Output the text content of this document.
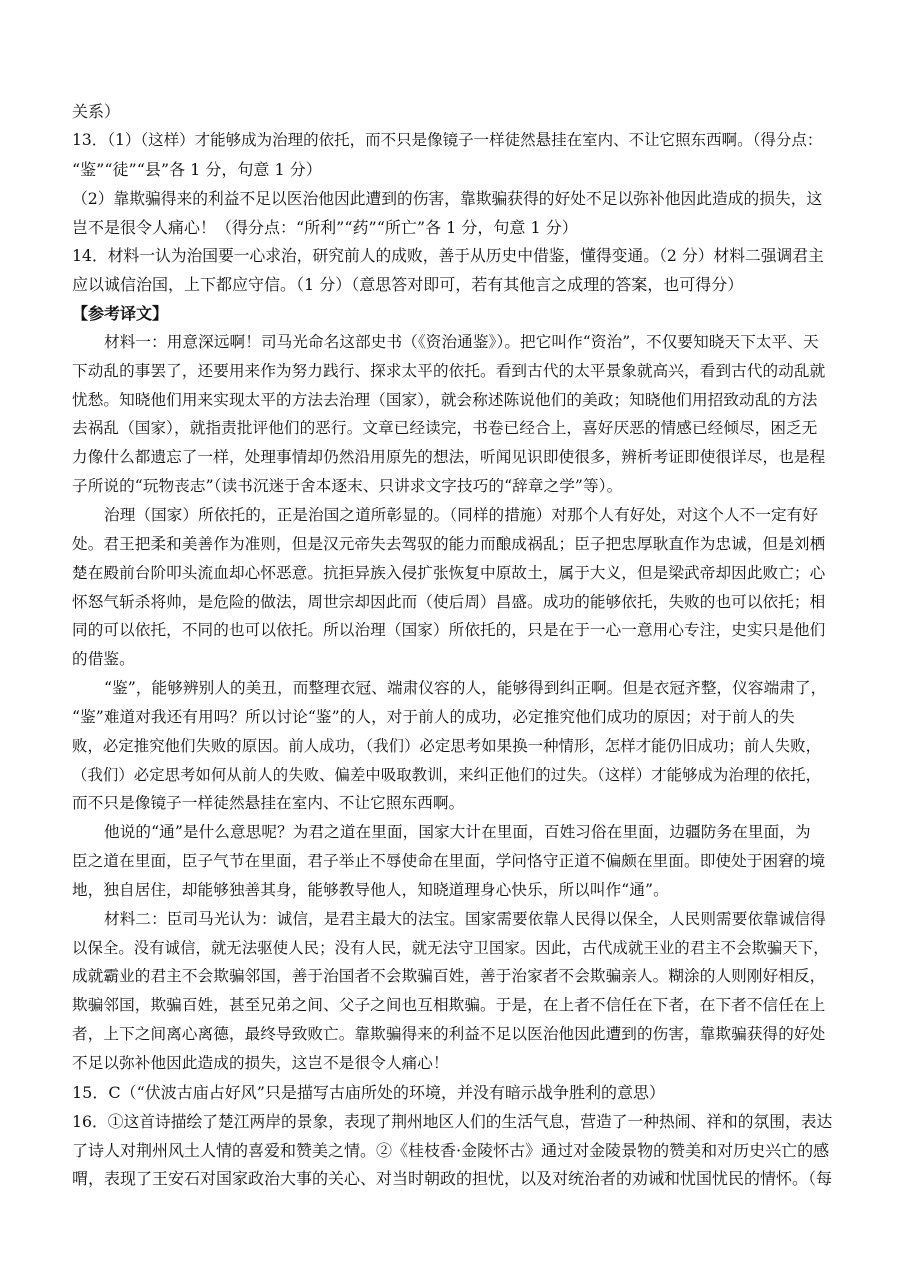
关系）

13．（1）（这样）才能够成为治理的依托，而不只是像镜子一样徒然悬挂在室内、不让它照东西啊。（得分点：

“鉴”“徒”“县”各 1 分，句意 1 分）

（2）靠欺骗得来的利益不足以医治他因此遭到的伤害，靠欺骗获得的好处不足以弥补他因此造成的损失，这

岂不是很令人痛心！（得分点：“所利”“药”“所亡”各 1 分，句意 1 分）

14．材料一认为治国要一心求治，研究前人的成败，善于从历史中借鉴，懂得变通。（2 分）材料二强调君主

应以诚信治国，上下都应守信。（1 分）（意思答对即可，若有其他言之成理的答案，也可得分）

【参考译文】

材料一：用意深远啊！司马光命名这部史书（《资治通鉴》）。把它叫作“资治”，不仅要知晓天下太平、天

下动乱的事罢了，还要用来作为努力践行、探求太平的依托。看到古代的太平景象就高兴，看到古代的动乱就

忧愁。知晓他们用来实现太平的方法去治理（国家），就会称述陈说他们的美政；知晓他们用招致动乱的方法

去祸乱（国家），就指责批评他们的恶行。文章已经读完，书卷已经合上，喜好厌恶的情感已经倾尽，困乏无

力像什么都遗忘了一样，处理事情却仍然沿用原先的想法，听闻见识即使很多，辨析考证即使很详尽，也是程

子所说的“玩物丧志”（读书沉迷于舍本逐末、只讲求文字技巧的“辞章之学”等）。

治理（国家）所依托的，正是治国之道所彰显的。（同样的措施）对那个人有好处，对这个人不一定有好

处。君王把柔和美善作为准则，但是汉元帝失去驾驭的能力而酿成祸乱；臣子把忠厚耿直作为忠诚，但是刘栖

楚在殿前台阶叩头流血却心怀恶意。抗拒异族入侵扩张恢复中原故土，属于大义，但是梁武帝却因此败亡；心

怀怒气斩杀将帅，是危险的做法，周世宗却因此而（使后周）昌盛。成功的能够依托，失败的也可以依托；相

同的可以依托，不同的也可以依托。所以治理（国家）所依托的，只是在于一心一意用心专注，史实只是他们

的借鉴。

“鉴”，能够辨别人的美丑，而整理衣冠、端肃仪容的人，能够得到纠正啊。但是衣冠齐整，仪容端肃了，

“鉴”难道对我还有用吗？所以讨论“鉴”的人，对于前人的成功，必定推究他们成功的原因；对于前人的失

败，必定推究他们失败的原因。前人成功，（我们）必定思考如果换一种情形，怎样才能仍旧成功；前人失败，

（我们）必定思考如何从前人的失败、偏差中吸取教训，来纠正他们的过失。（这样）才能够成为治理的依托，

而不只是像镜子一样徒然悬挂在室内、不让它照东西啊。

他说的“通”是什么意思呢？为君之道在里面，国家大计在里面，百姓习俗在里面，边疆防务在里面，为

臣之道在里面，臣子气节在里面，君子举止不辱使命在里面，学问恪守正道不偏颇在里面。即使处于困窘的境

地，独自居住，却能够独善其身，能够教导他人，知晓道理身心快乐，所以叫作“通”。

材料二：臣司马光认为：诚信，是君主最大的法宝。国家需要依靠人民得以保全，人民则需要依靠诚信得

以保全。没有诚信，就无法驱使人民；没有人民，就无法守卫国家。因此，古代成就王业的君主不会欺骗天下，

成就霸业的君主不会欺骗邻国，善于治国者不会欺骗百姓，善于治家者不会欺骗亲人。糊涂的人则刚好相反，

欺骗邻国，欺骗百姓，甚至兄弟之间、父子之间也互相欺骗。于是，在上者不信任在下者，在下者不信任在上

者，上下之间离心离德，最终导致败亡。靠欺骗得来的利益不足以医治他因此遭到的伤害，靠欺骗获得的好处

不足以弥补他因此造成的损失，这岂不是很令人痛心！

15．C（“伏波古庙占好风”只是描写古庙所处的环境，并没有暗示战争胜利的意思）

16．①这首诗描绘了楚江两岸的景象，表现了荆州地区人们的生活气息，营造了一种热闹、祥和的氛围，表达

了诗人对荆州风土人情的喜爱和赞美之情。②《桂枝香·金陵怀古》通过对金陵景物的赞美和对历史兴亡的感

喟，表现了王安石对国家政治大事的关心、对当时朝政的担忧，以及对统治者的劝诫和忧国忧民的情怀。（每
